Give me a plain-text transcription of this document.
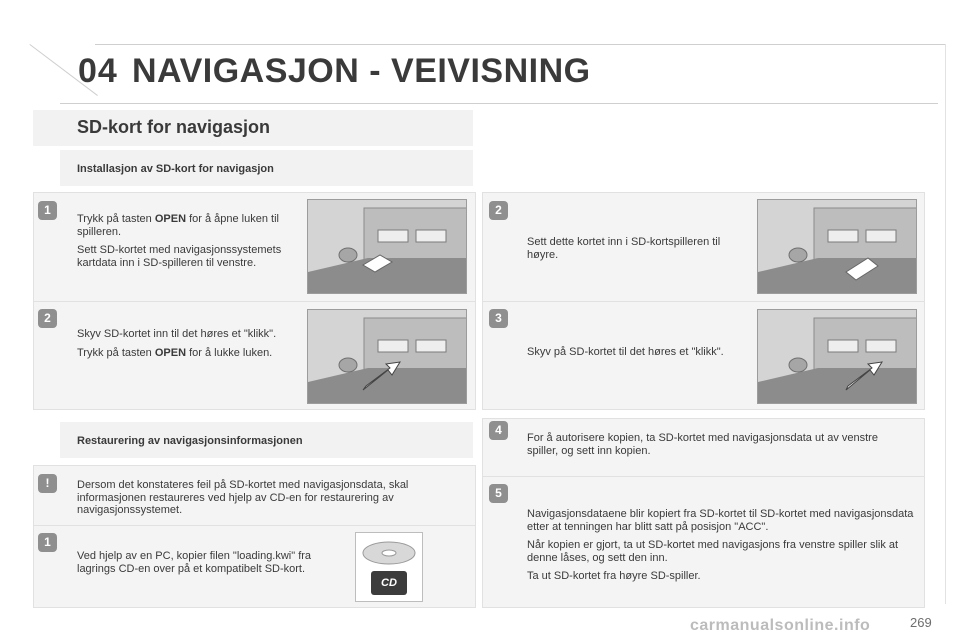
04 NAVIGASJON - VEIVISNING
SD-kort for navigasjon
Installasjon av SD-kort for navigasjon
1

Trykk på tasten OPEN for å åpne luken til spilleren.

Sett SD-kortet med navigasjonssystemets kartdata inn i SD-spilleren til venstre.

2

Skyv SD-kortet inn til det høres et "klikk".

Trykk på tasten OPEN for å lukke luken.

2

Sett dette kortet inn i SD-kortspilleren til høyre.

3

Skyv på SD-kortet til det høres et "klikk".

Restaurering av navigasjonsinformasjonen
!	Dersom det konstateres feil på SD-kortet med navigasjonsdata, skal informasjonen restaureres ved hjelp av CD-en for restaurering av navigasjonssystemet.
1
Ved hjelp av en PC, kopier filen "loading.kwi" fra lagrings CD-en over på et kompatibelt SD-kort.
CD
4
For å autorisere kopien, ta SD-kortet med navigasjonsdata ut av venstre spiller, og sett inn kopien.
5

Navigasjonsdataene blir kopiert fra SD-kortet til SD-kortet med navigasjonsdata etter at tenningen har blitt satt på posisjon "ACC".

Når kopien er gjort, ta ut SD-kortet med navigasjons fra venstre spiller slik at denne låses, og sett den inn.

Ta ut SD-kortet fra høyre SD-spiller.

carmanualsonline.info	269
